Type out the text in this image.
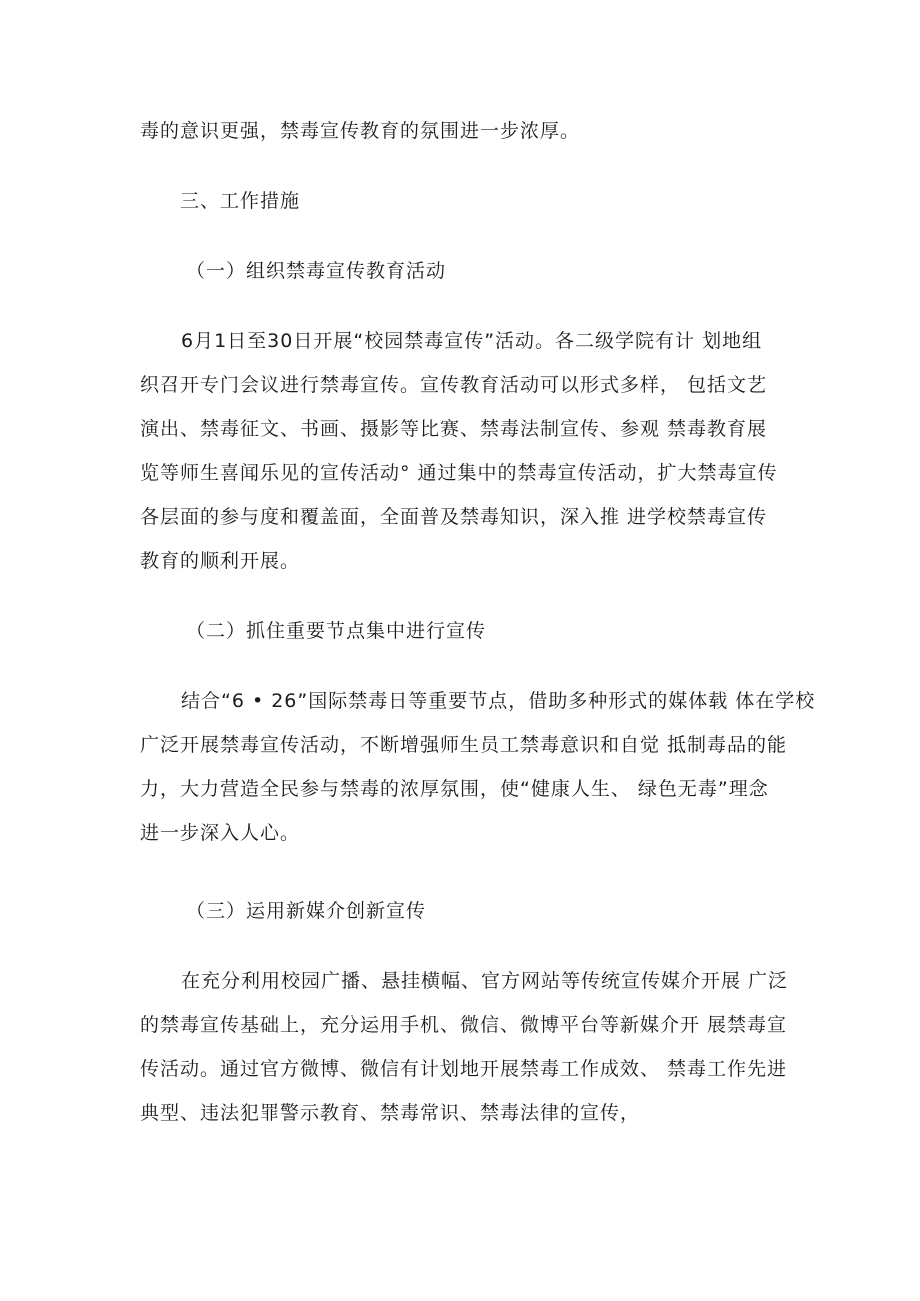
毒的意识更强，禁毒宣传教育的氛围进一步浓厚。
三、工作措施
（一）组织禁毒宣传教育活动
6月1日至30日开展“校园禁毒宣传”活动。各二级学院有计 划地组
织召开专门会议进行禁毒宣传。宣传教育活动可以形式多样， 包括文艺
演出、禁毒征文、书画、摄影等比赛、禁毒法制宣传、参观 禁毒教育展
览等师生喜闻乐见的宣传活动° 通过集中的禁毒宣传活动，扩大禁毒宣传
各层面的参与度和覆盖面，全面普及禁毒知识，深入推 进学校禁毒宣传
教育的顺利开展。
（二）抓住重要节点集中进行宣传
结合“6 • 26”国际禁毒日等重要节点，借助多种形式的媒体载 体在学校
广泛开展禁毒宣传活动，不断增强师生员工禁毒意识和自觉 抵制毒品的能
力，大力营造全民参与禁毒的浓厚氛围，使“健康人生、 绿色无毒”理念
进一步深入人心。
（三）运用新媒介创新宣传
在充分利用校园广播、悬挂横幅、官方网站等传统宣传媒介开展 广泛
的禁毒宣传基础上，充分运用手机、微信、微博平台等新媒介开 展禁毒宣
传活动。通过官方微博、微信有计划地开展禁毒工作成效、 禁毒工作先进
典型、违法犯罪警示教育、禁毒常识、禁毒法律的宣传，
